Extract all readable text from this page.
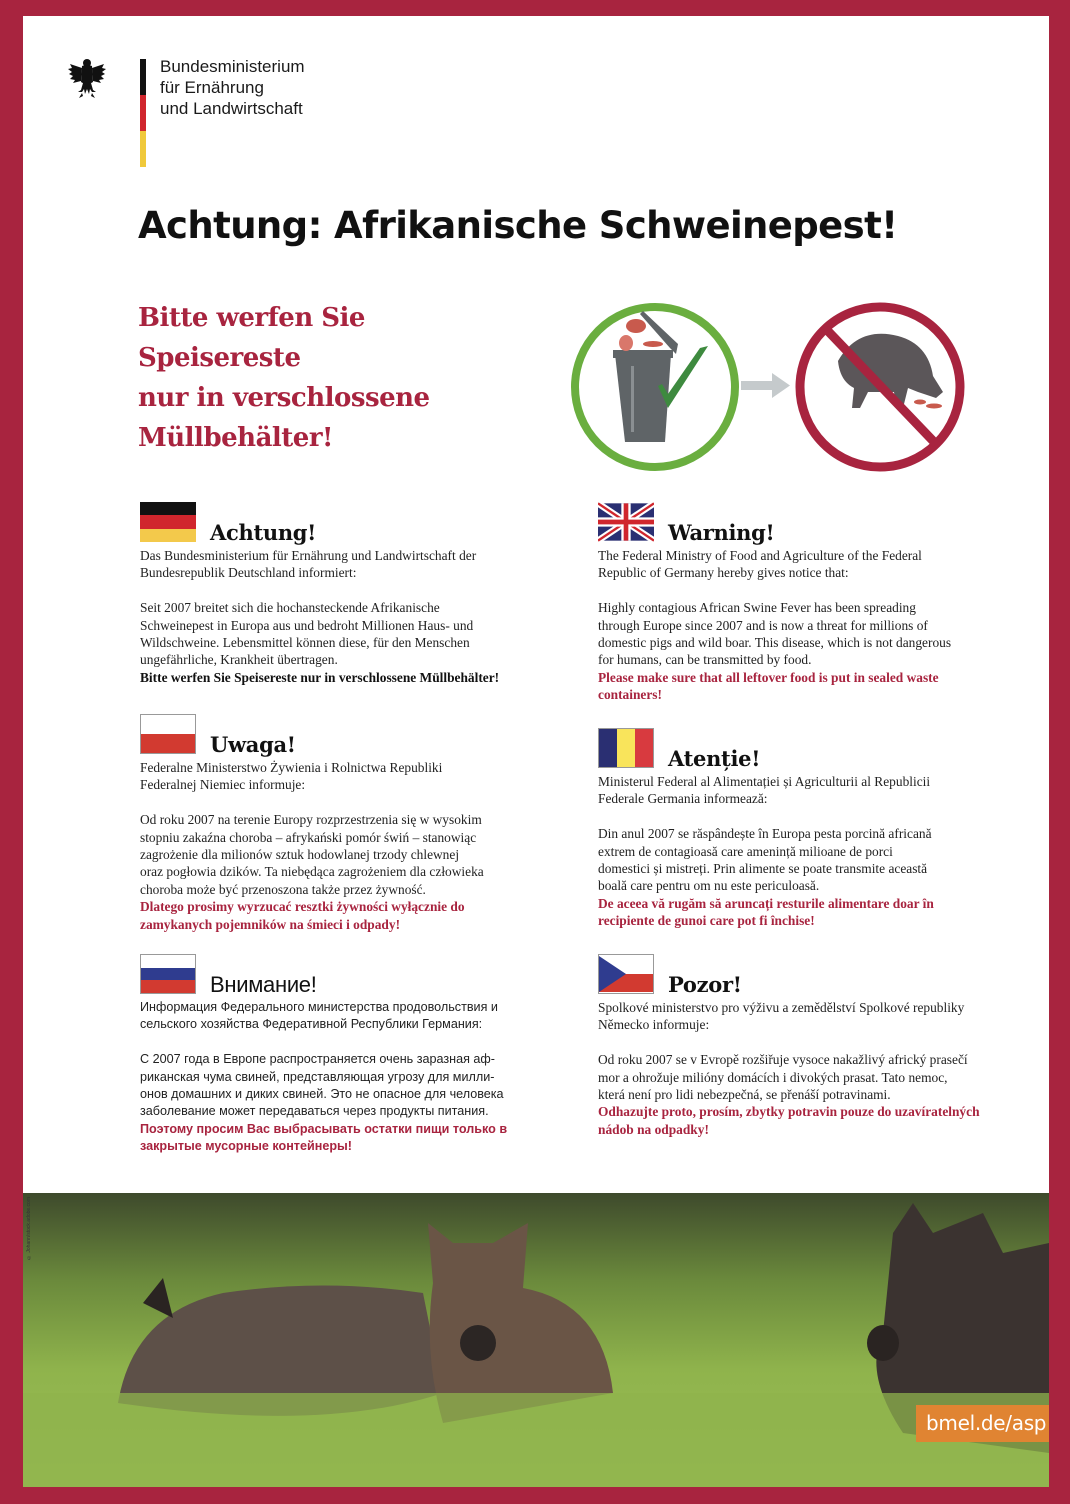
Bundesministerium
für Ernährung
und Landwirtschaft
Achtung: Afrikanische Schweinepest!
Bitte werfen Sie
Speisereste
nur in verschlossene
Müllbehälter!
Achtung!

Das Bundesministerium für Ernährung und Landwirtschaft der

Bundesrepublik Deutschland informiert:

Seit 2007 breitet sich die hochansteckende Afrikanische

Schweinepest in Europa aus und bedroht Millionen Haus- und

Wildschweine. Lebensmittel können diese, für den Menschen

ungefährliche, Krankheit übertragen.

Bitte werfen Sie Speisereste nur in verschlossene Müllbehälter!

Warning!

The Federal Ministry of Food and Agriculture of the Federal

Republic of Germany hereby gives notice that:

Highly contagious African Swine Fever has been spreading

through Europe since 2007 and is now a threat for millions of

domestic pigs and wild boar. This disease, which is not dangerous

for humans, can be transmitted by food.

Please make sure that all leftover food is put in sealed waste

containers!

Uwaga!

Federalne Ministerstwo Żywienia i Rolnictwa Republiki

Federalnej Niemiec informuje:

Od roku 2007 na terenie Europy rozprzestrzenia się w wysokim

stopniu zakaźna choroba – afrykański pomór świń – stanowiąc

zagrożenie dla milionów sztuk hodowlanej trzody chlewnej

oraz pogłowia dzików. Ta niebędąca zagrożeniem dla człowieka

choroba może być przenoszona także przez żywność.

Dlatego prosimy wyrzucać resztki żywności wyłącznie do

zamykanych pojemników na śmieci i odpady!

Atenție!

Ministerul Federal al Alimentației și Agriculturii al Republicii

Federale Germania informează:

Din anul 2007 se răspândește în Europa pesta porcină africană

extrem de contagioasă care amenință milioane de porci

domestici și mistreți. Prin alimente se poate transmite această

boală care pentru om nu este periculoasă.

De aceea vă rugăm să aruncați resturile alimentare doar în

recipiente de gunoi care pot fi închise!

Внимание!

Информация Федерального министерства продовольствия и

сельского хозяйства Федеративной Республики Германия:

С 2007 года в Европе распространяется очень заразная аф-

риканская чума свиней, представляющая угрозу для милли-

онов домашних и диких свиней. Это не опасное для человека

заболевание может передаваться через продукты питания.

Поэтому просим Вас выбрасывать остатки пищи только в

закрытые мусорные контейнеры!

Pozor!

Spolkové ministerstvo pro výživu a zemědělství Spolkové republiky

Německo informuje:

Od roku 2007 se v Evropě rozšiřuje vysoce nakažlivý africký prasečí

mor a ohrožuje milióny domácích i divokých prasat. Tato nemoc,

která není pro lidi nebezpečná, se přenáší potravinami.

Odhazujte proto, prosím, zbytky potravin pouze do uzavíratelných

nádob na odpadky!

© Johann/stock.adobe.com
bmel.de/asp
